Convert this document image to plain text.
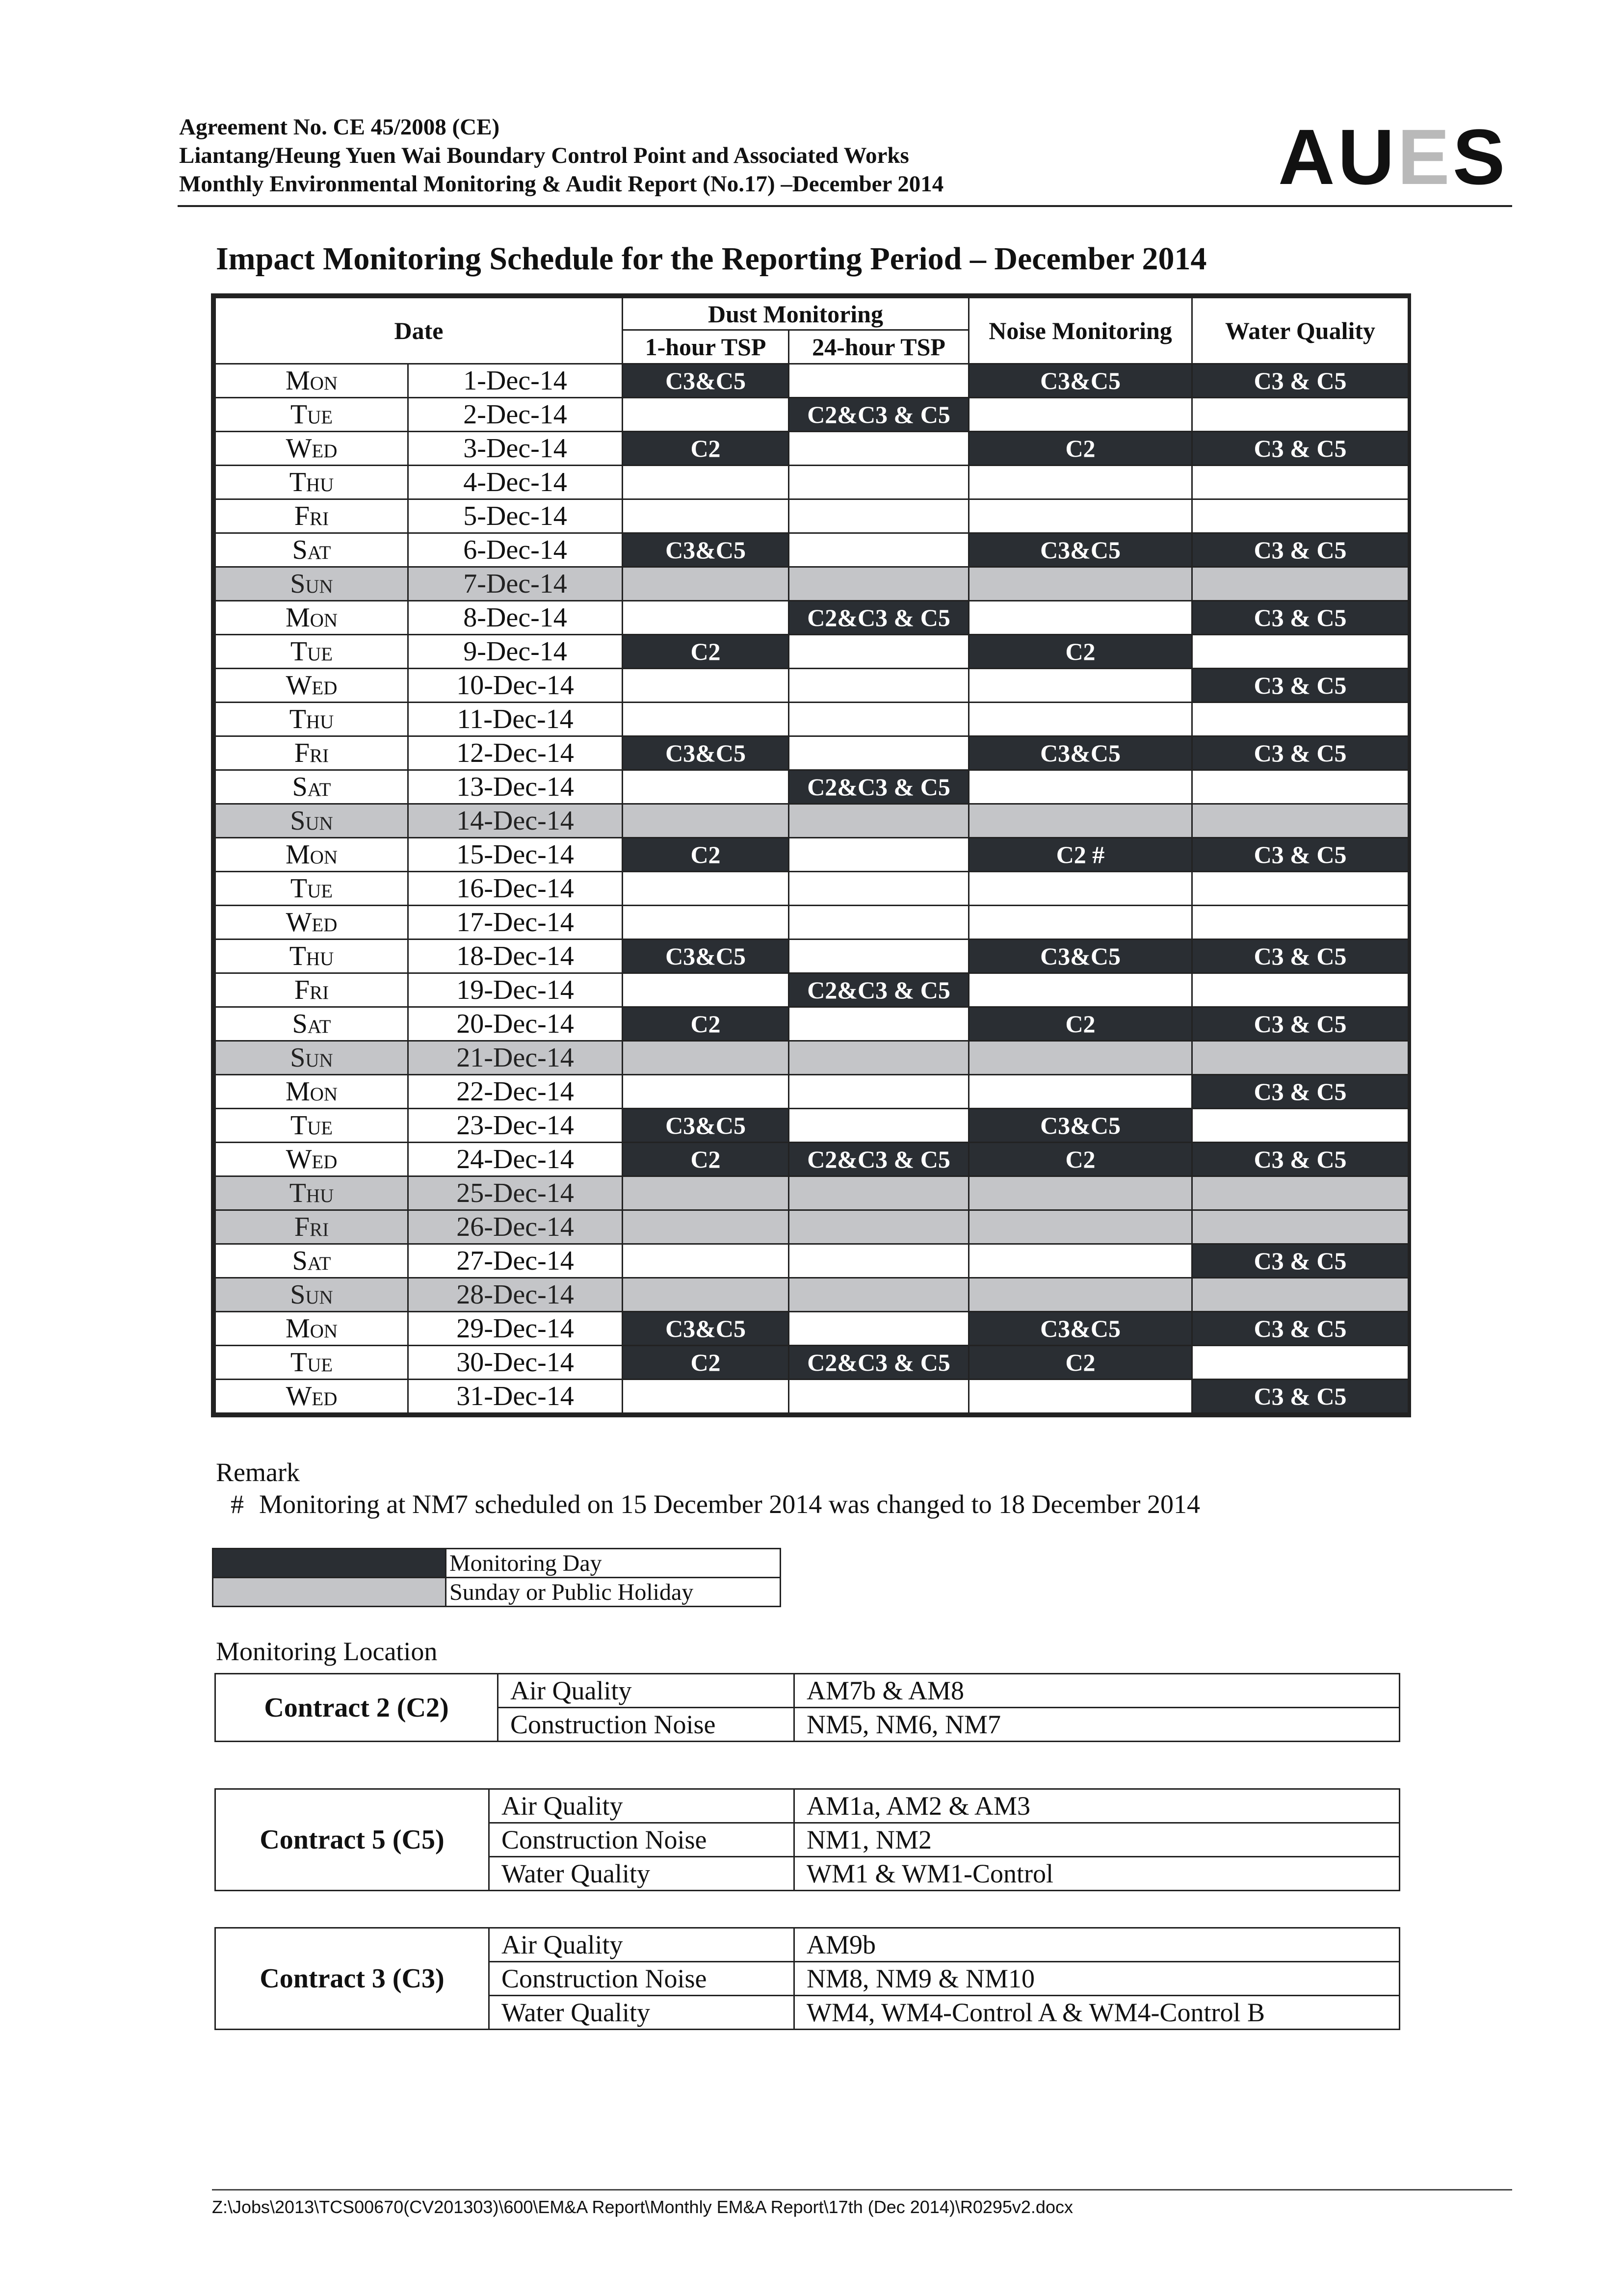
Agreement No. CE 45/2008 (CE)
Liantang/Heung Yuen Wai Boundary Control Point and Associated Works
Monthly Environmental Monitoring & Audit Report (No.17) –December 2014	AUES
Impact Monitoring Schedule for the Reporting Period – December 2014
Date		Dust Monitoring		Noise Monitoring	Water Quality
		1-hour TSP	24-hour TSP		
Mon	1-Dec-14	C3&C5		C3&C5	C3 & C5
Tue	2-Dec-14		C2&C3 & C5		
Wed	3-Dec-14	C2		C2	C3 & C5
Thu	4-Dec-14				
Fri	5-Dec-14				
Sat	6-Dec-14	C3&C5		C3&C5	C3 & C5
Sun	7-Dec-14				
Mon	8-Dec-14		C2&C3 & C5		C3 & C5
Tue	9-Dec-14	C2		C2	
Wed	10-Dec-14				C3 & C5
Thu	11-Dec-14				
Fri	12-Dec-14	C3&C5		C3&C5	C3 & C5
Sat	13-Dec-14		C2&C3 & C5		
Sun	14-Dec-14				
Mon	15-Dec-14	C2		C2 #	C3 & C5
Tue	16-Dec-14				
Wed	17-Dec-14				
Thu	18-Dec-14	C3&C5		C3&C5	C3 & C5
Fri	19-Dec-14		C2&C3 & C5		
Sat	20-Dec-14	C2		C2	C3 & C5
Sun	21-Dec-14				
Mon	22-Dec-14				C3 & C5
Tue	23-Dec-14	C3&C5		C3&C5	
Wed	24-Dec-14	C2	C2&C3 & C5	C2	C3 & C5
Thu	25-Dec-14				
Fri	26-Dec-14				
Sat	27-Dec-14				C3 & C5
Sun	28-Dec-14				
Mon	29-Dec-14	C3&C5		C3&C5	C3 & C5
Tue	30-Dec-14	C2	C2&C3 & C5	C2	
Wed	31-Dec-14				C3 & C5
Remark
# Monitoring at NM7 scheduled on 15 December 2014 was changed to 18 December 2014
	Monitoring Day
	Sunday or Public Holiday
Monitoring Location
Contract 2 (C2)	Air Quality	AM7b & AM8
	Construction Noise	NM5, NM6, NM7
Contract 5 (C5)	Air Quality	AM1a, AM2 & AM3
	Construction Noise	NM1, NM2
	Water Quality	WM1 & WM1-Control
Contract 3 (C3)	Air Quality	AM9b
	Construction Noise	NM8, NM9 & NM10
	Water Quality	WM4, WM4-Control A & WM4-Control B
Z:\Jobs\2013\TCS00670(CV201303)\600\EM&A Report\Monthly EM&A Report\17th (Dec 2014)\R0295v2.docx
